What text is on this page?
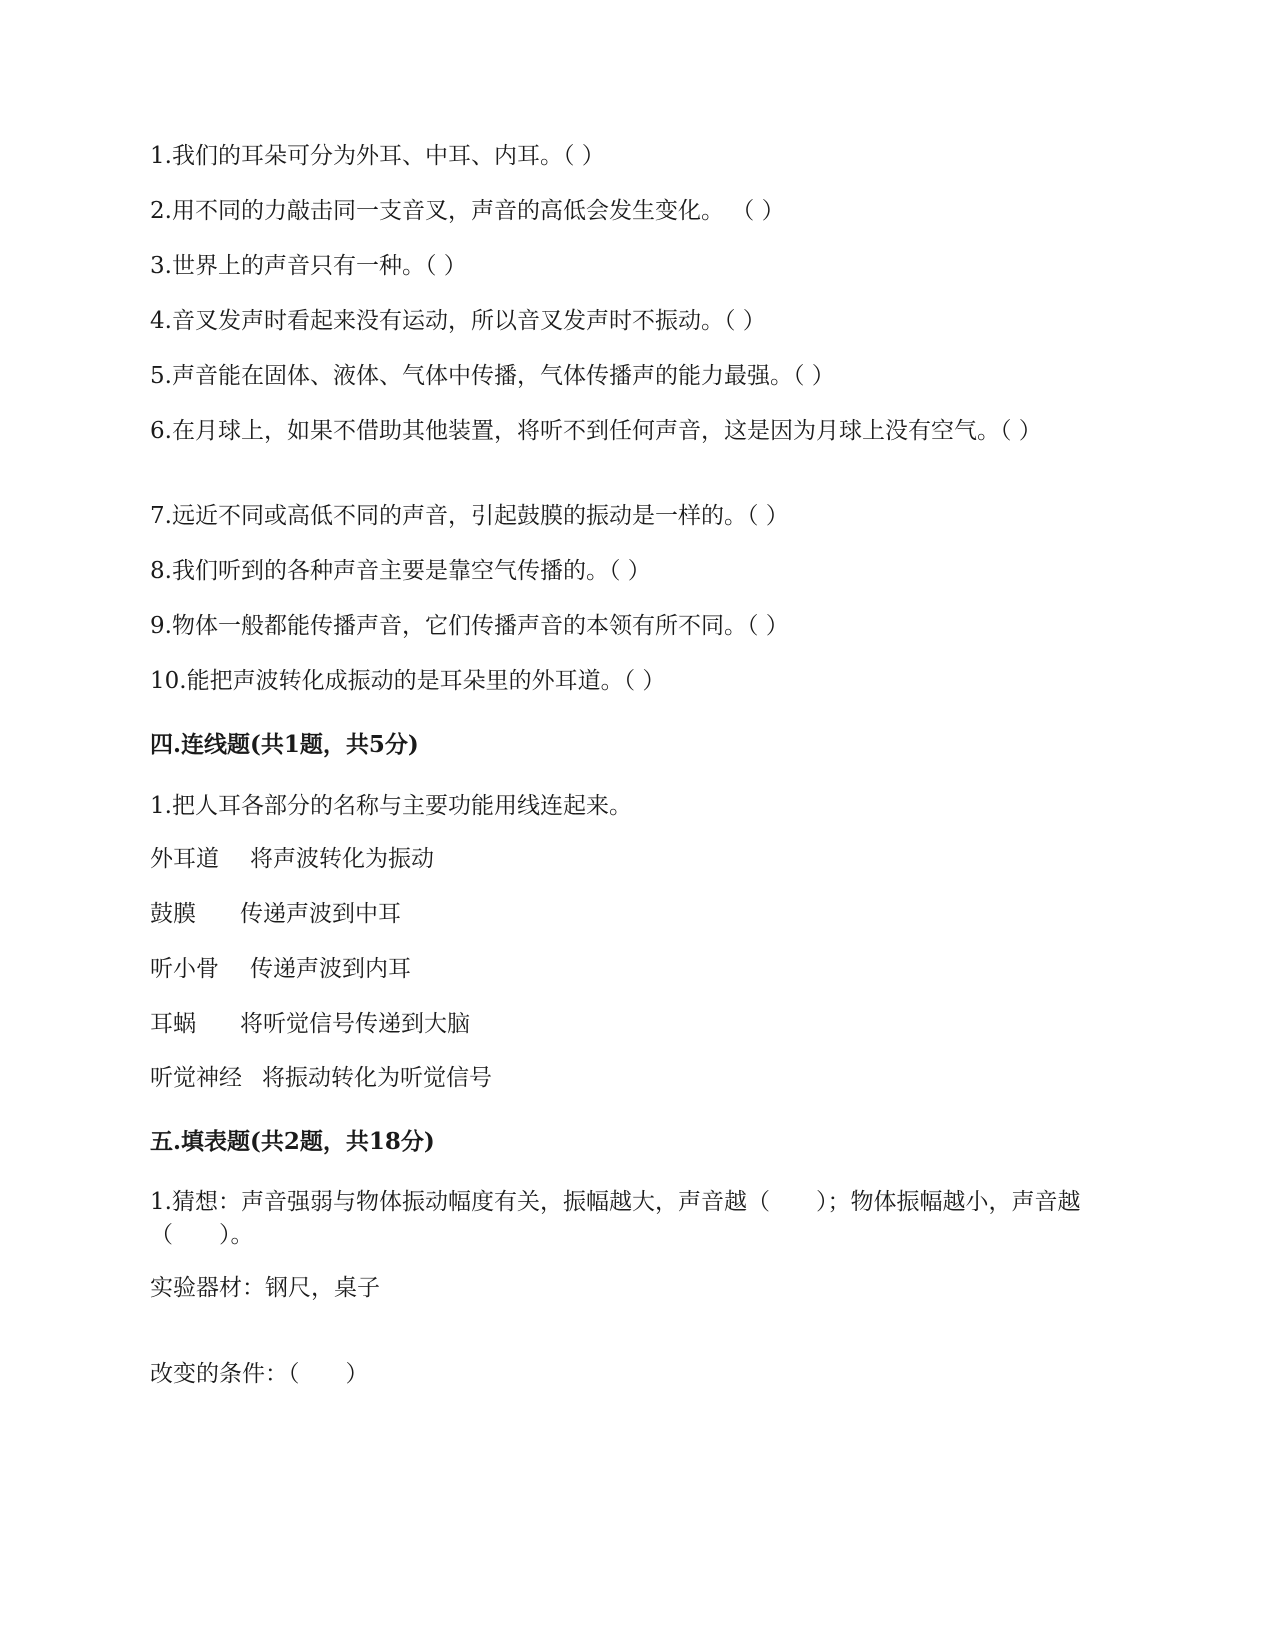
1.我们的耳朵可分为外耳、中耳、内耳。（ ）
2.用不同的力敲击同一支音叉，声音的高低会发生变化。 （ ）
3.世界上的声音只有一种。（ ）
4.音叉发声时看起来没有运动，所以音叉发声时不振动。（ ）
5.声音能在固体、液体、气体中传播，气体传播声的能力最强。（ ）
6.在月球上，如果不借助其他装置，将听不到任何声音，这是因为月球上没有空气。（ ）
7.远近不同或高低不同的声音，引起鼓膜的振动是一样的。（ ）
8.我们听到的各种声音主要是靠空气传播的。（ ）
9.物体一般都能传播声音，它们传播声音的本领有所不同。（ ）
10.能把声波转化成振动的是耳朵里的外耳道。（ ）
四.连线题(共1题，共5分)
1.把人耳各部分的名称与主要功能用线连起来。
外耳道 将声波转化为振动
鼓膜 传递声波到中耳
听小骨 传递声波到内耳
耳蜗 将听觉信号传递到大脑
听觉神经 将振动转化为听觉信号
五.填表题(共2题，共18分)
1.猜想：声音强弱与物体振动幅度有关，振幅越大，声音越（　　）；物体振幅越小，声音越（　　）。
实验器材：钢尺，桌子
改变的条件：（　　）
